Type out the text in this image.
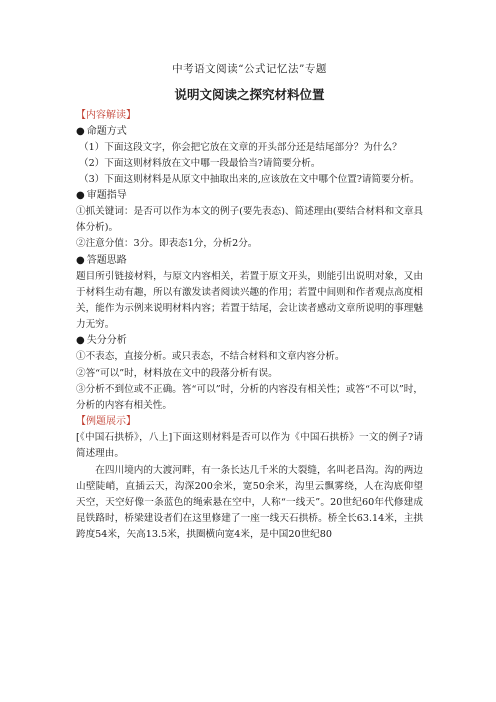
中考语文阅读“公式记忆法”专题

说明文阅读之探究材料位置

【内容解读】

● 命题方式

（1）下面这段文字，你会把它放在文章的开头部分还是结尾部分？为什么？

（2）下面这则材料放在文中哪一段最恰当?请简要分析。

（3）下面这则材料是从原文中抽取出来的,应该放在文中哪个位置?请简要分析。

● 审题指导

①抓关键词：是否可以作为本文的例子(要先表态)、简述理由(要结合材料和文章具体分析)。

②注意分值：3分。即表态1分，分析2分。

● 答题思路

题目所引链接材料，与原文内容相关，若置于原文开头，则能引出说明对象，又由于材料生动有趣，所以有激发读者阅读兴趣的作用；若置中间则和作者观点高度相关，能作为示例来说明材料内容；若置于结尾，会让读者感动文章所说明的事理魅力无穷。

● 失分分析

①不表态，直接分析。或只表态，不结合材料和文章内容分析。

②答“可以”时，材料放在文中的段落分析有误。

③分析不到位或不正确。答“可以”时，分析的内容没有相关性；或答“不可以”时，分析的内容有相关性。

【例题展示】

[《中国石拱桥》，八上]下面这则材料是否可以作为《中国石拱桥》一文的例子?请简述理由。

在四川境内的大渡河畔，有一条长达几千米的大裂缝，名叫老昌沟。沟的两边山壁陡峭，直插云天，沟深200余米，宽50余米，沟里云飘雾绕，人在沟底仰望天空，天空好像一条蓝色的绳索悬在空中，人称“一线天”。20世纪60年代修建成昆铁路时，桥梁建设者们在这里修建了一座一线天石拱桥。桥全长63.14米，主拱跨度54米，矢高13.5米，拱圈横向宽4米，是中国20世纪80
